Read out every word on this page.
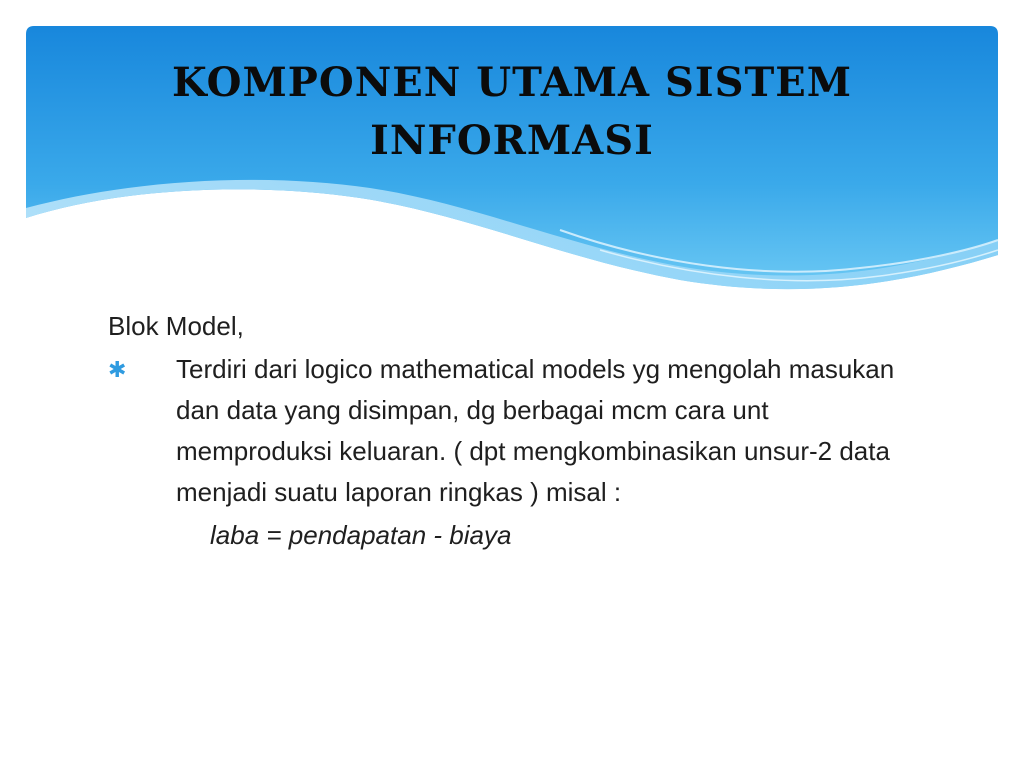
KOMPONEN UTAMA SISTEM INFORMASI

Blok Model,

✱	Terdiri dari logico mathematical models yg mengolah masukan dan data yang disimpan, dg berbagai mcm cara unt memproduksi keluaran. ( dpt mengkombinasikan unsur-2 data menjadi suatu laporan ringkas ) misal :

laba = pendapatan - biaya
